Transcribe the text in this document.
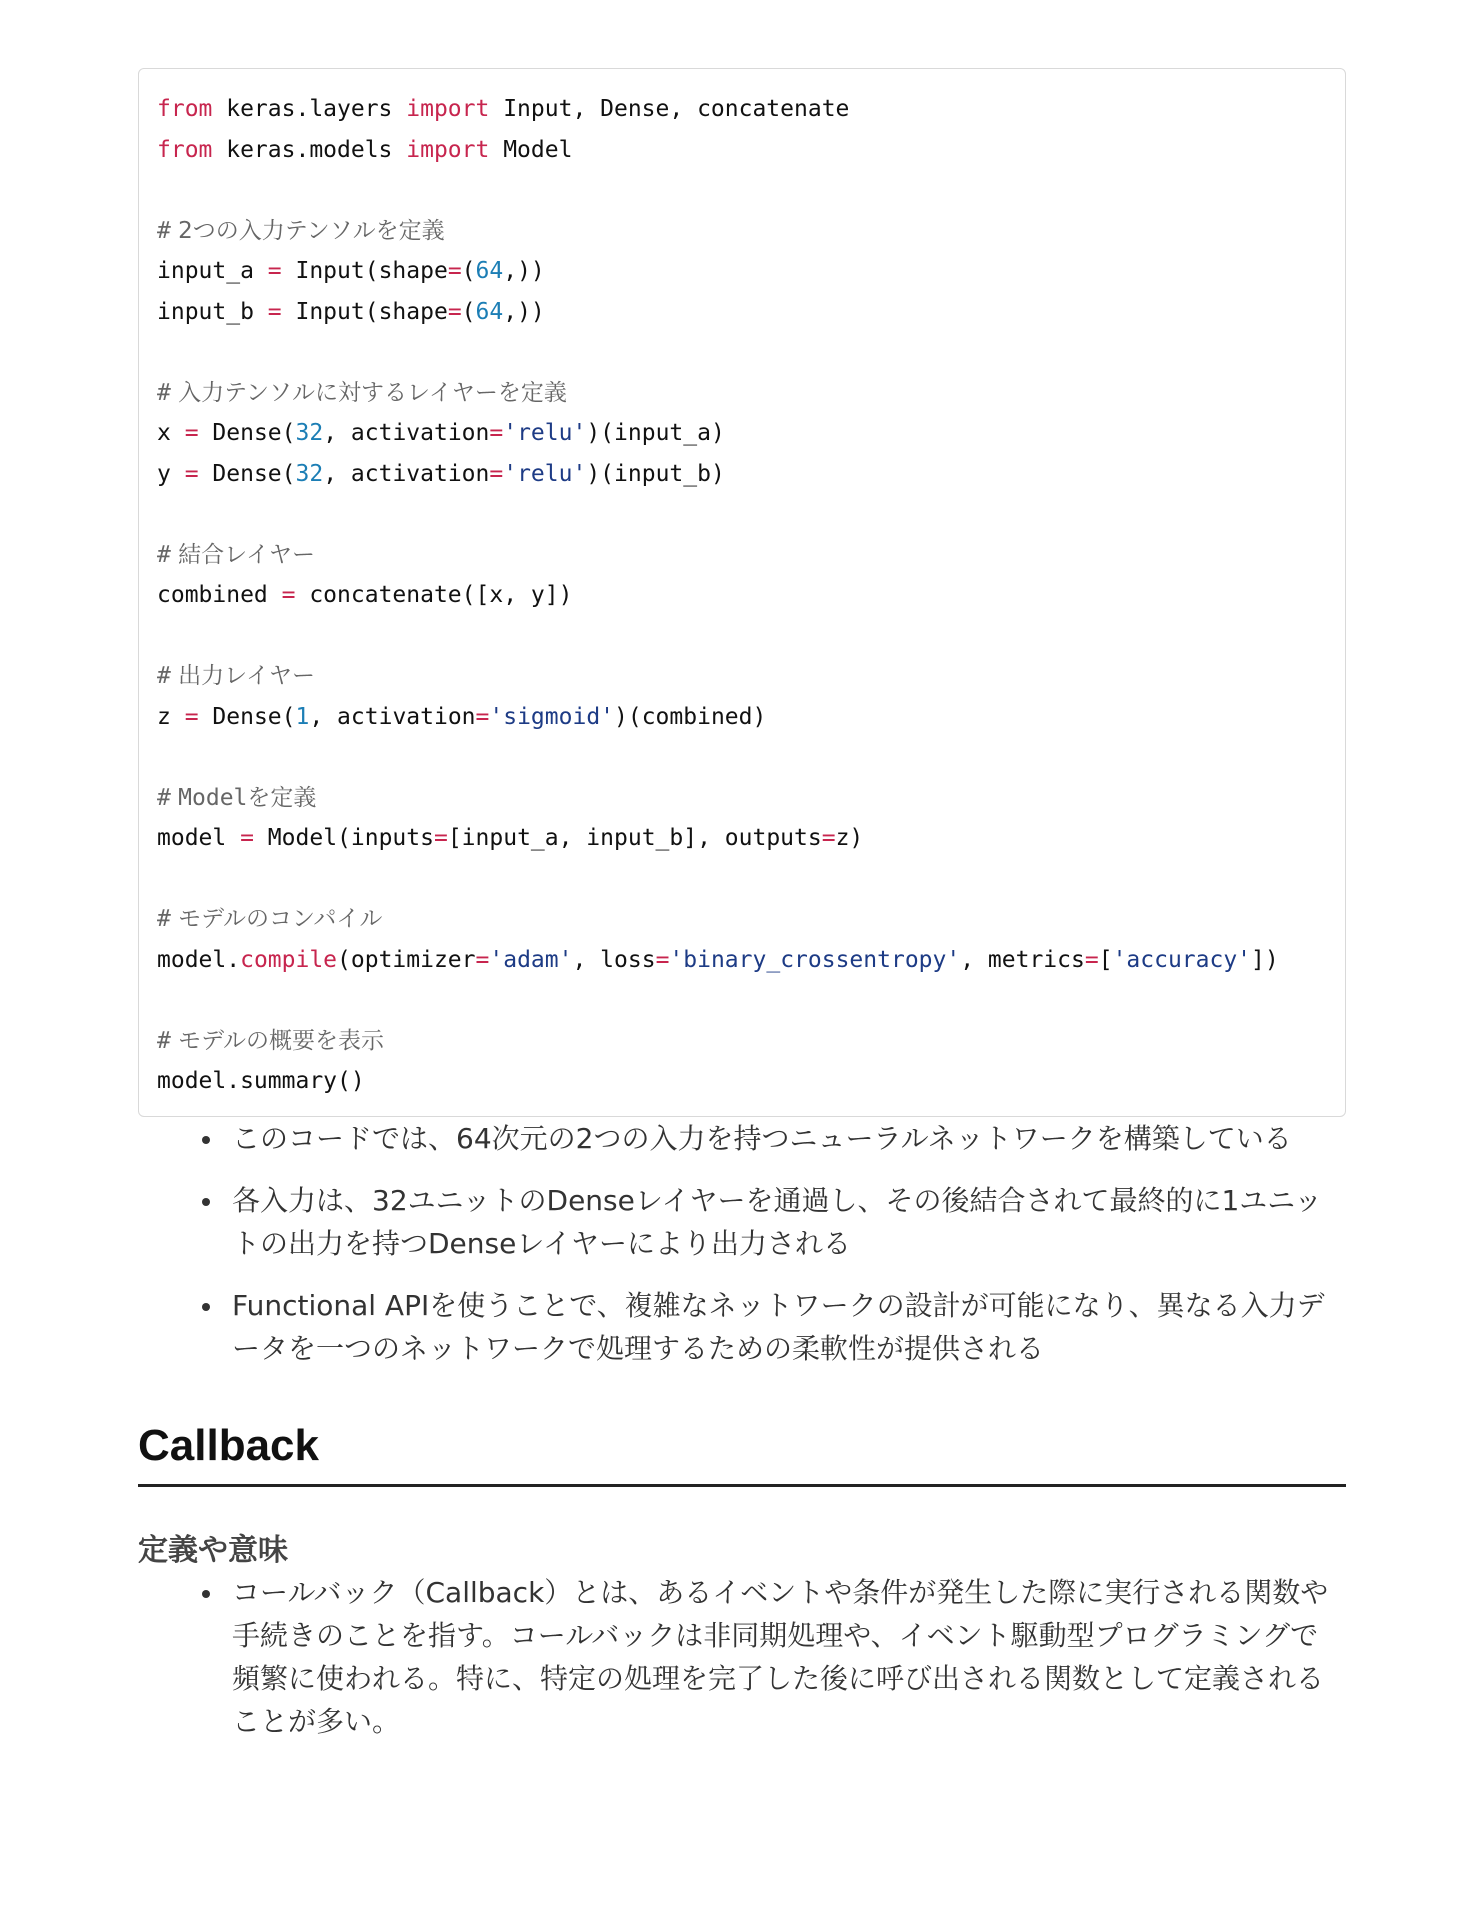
from keras.layers import Input, Dense, concatenate
from keras.models import Model
# 2つの入力テンソルを定義
input_a = Input(shape=(64,))
input_b = Input(shape=(64,))
# 入力テンソルに対するレイヤーを定義
x = Dense(32, activation='relu')(input_a)
y = Dense(32, activation='relu')(input_b)
# 結合レイヤー
combined = concatenate([x, y])
# 出力レイヤー
z = Dense(1, activation='sigmoid')(combined)
# Modelを定義
model = Model(inputs=[input_a, input_b], outputs=z)
# モデルのコンパイル
model.compile(optimizer='adam', loss='binary_crossentropy', metrics=['accuracy'])
# モデルの概要を表示
model.summary()
このコードでは、64次元の2つの入力を持つニューラルネットワークを構築している
各入力は、32ユニットのDenseレイヤーを通過し、その後結合されて最終的に1ユニットの出力を持つDenseレイヤーにより出力される
Functional APIを使うことで、複雑なネットワークの設計が可能になり、異なる入力データを一つのネットワークで処理するための柔軟性が提供される
Callback
定義や意味
コールバック（Callback）とは、あるイベントや条件が発生した際に実行される関数や手続きのことを指す。コールバックは非同期処理や、イベント駆動型プログラミングで頻繁に使われる。特に、特定の処理を完了した後に呼び出される関数として定義されることが多い。
